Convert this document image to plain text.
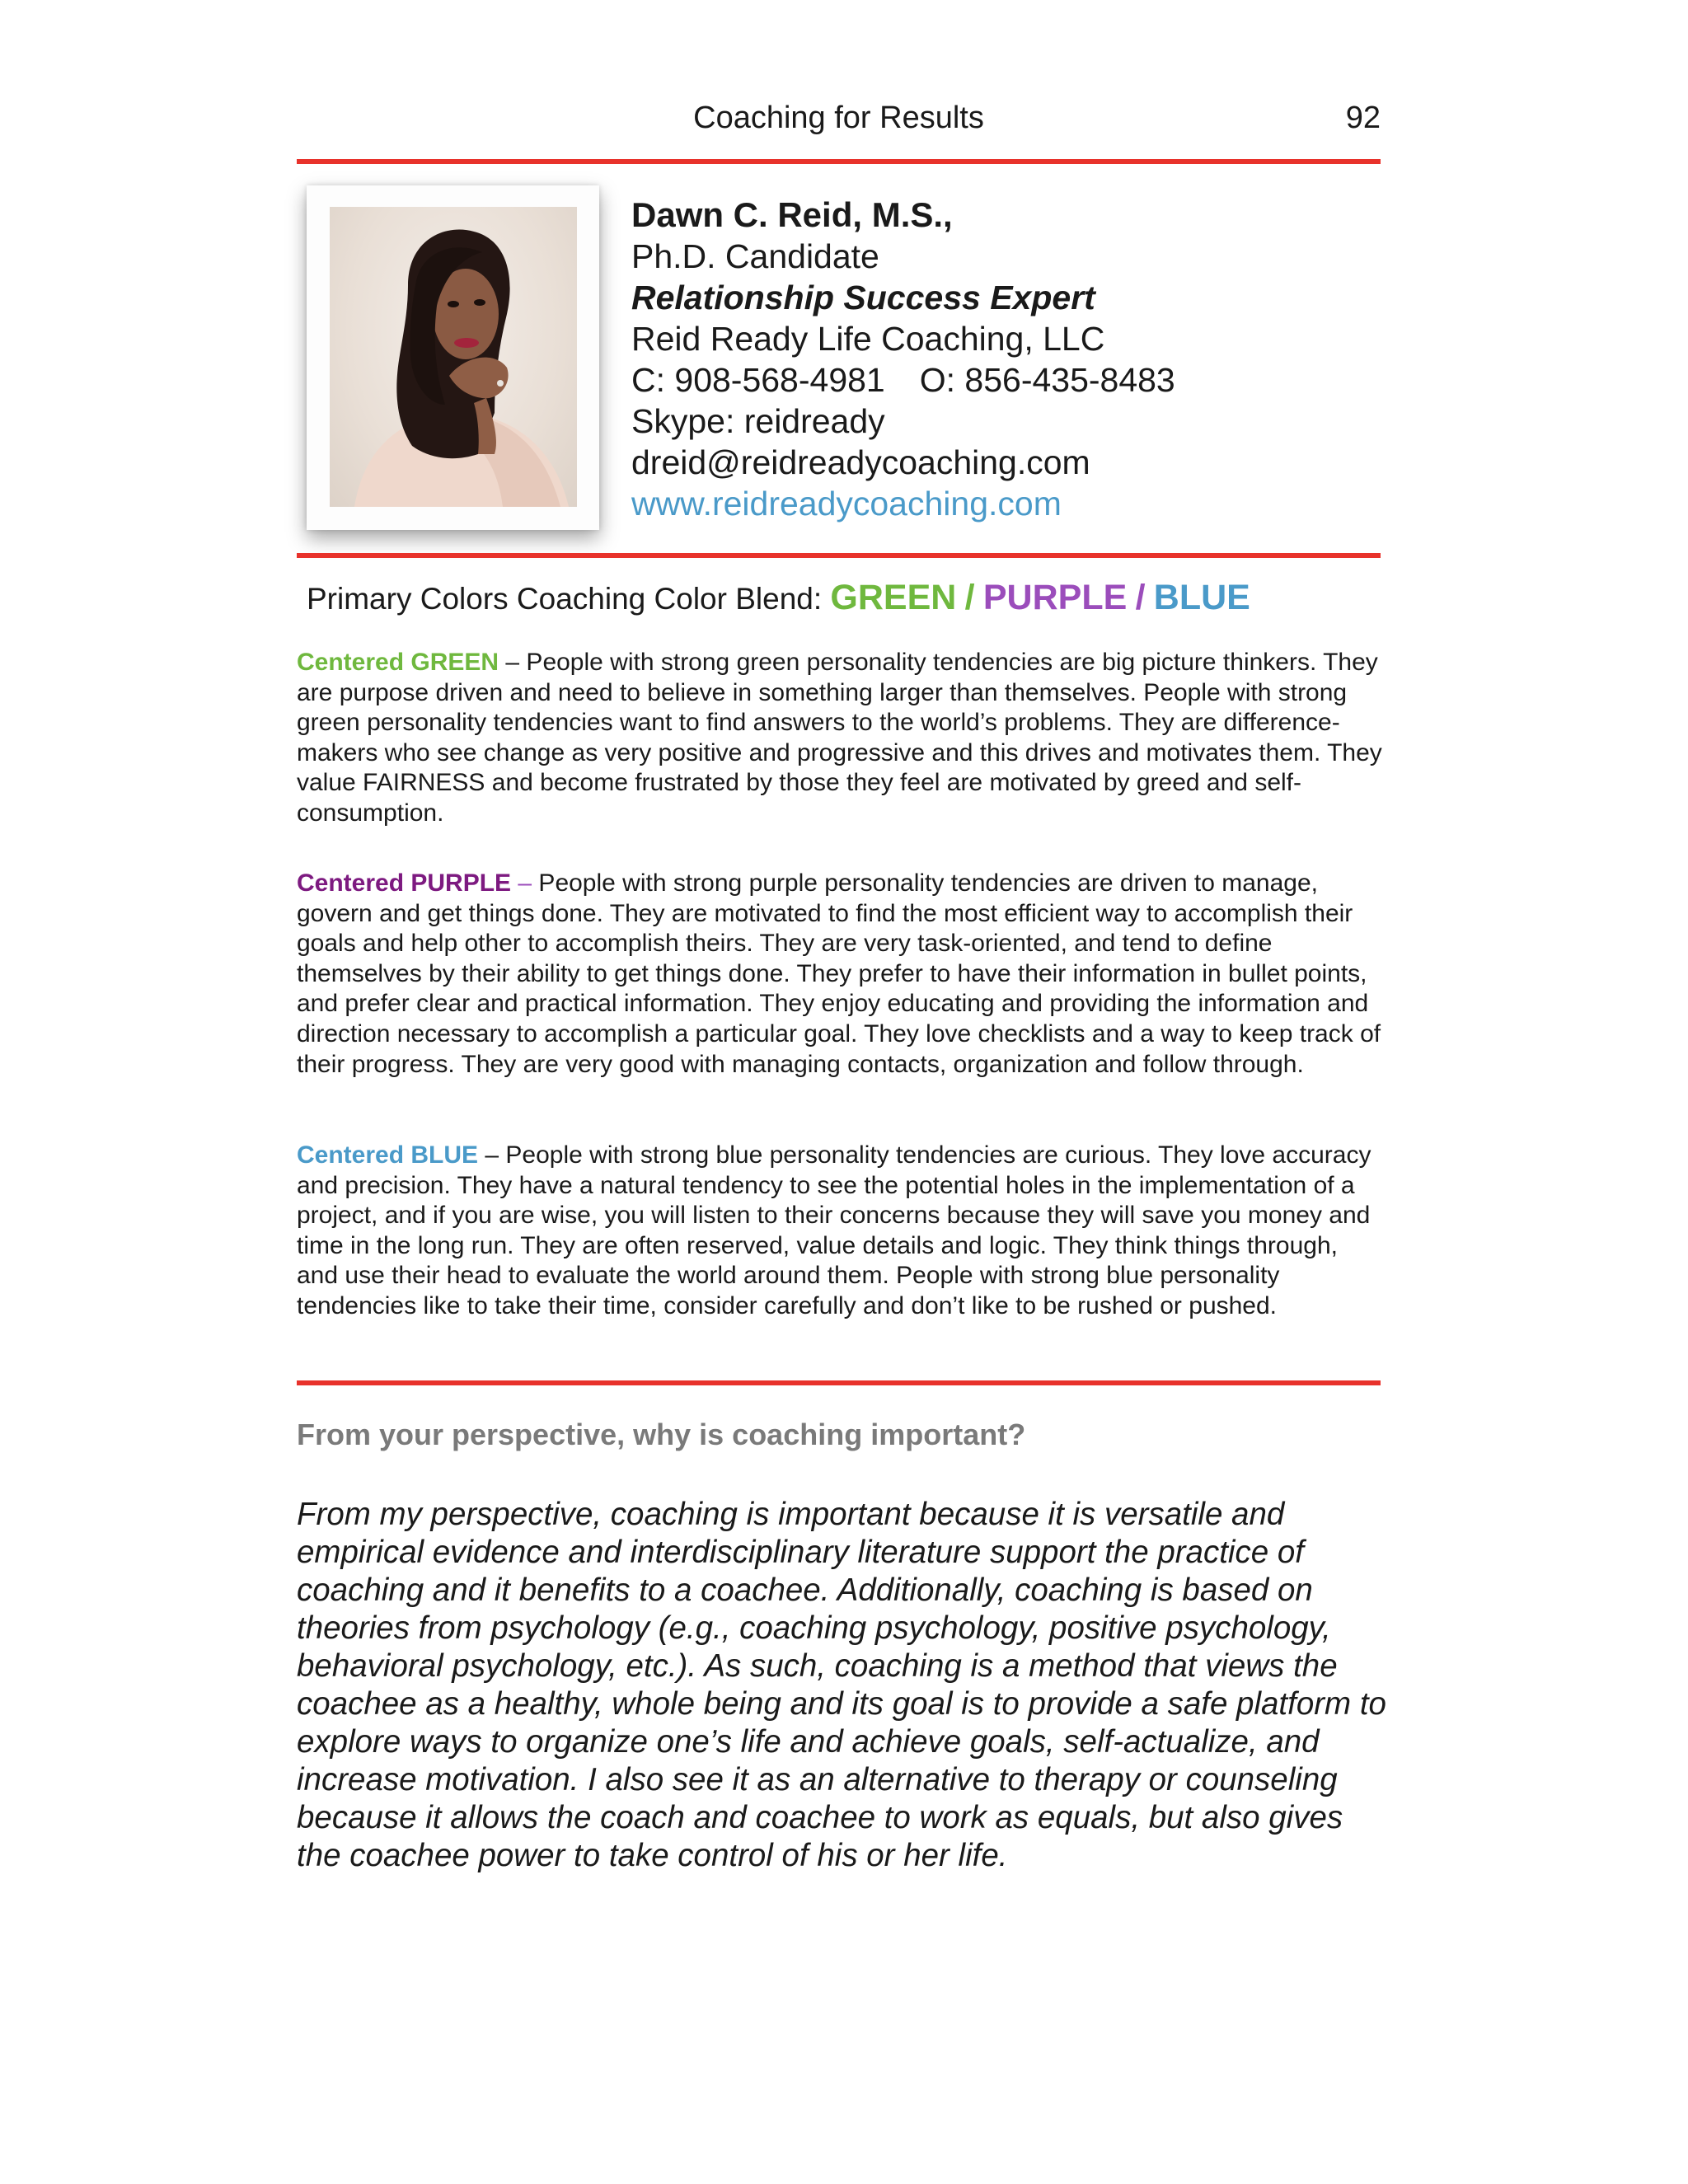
Coaching for Results	92
Dawn C. Reid, M.S.,
Ph.D. Candidate
Relationship Success Expert
Reid Ready Life Coaching, LLC
C: 908-568-4981 O: 856-435-8483
Skype: reidready
dreid@reidreadycoaching.com
www.reidreadycoaching.com
Primary Colors Coaching Color Blend: GREEN / PURPLE / BLUE

Centered GREEN – People with strong green personality tendencies are big picture thinkers. They are purpose driven and need to believe in something larger than themselves. People with strong green personality tendencies want to find answers to the world’s problems. They are difference-makers who see change as very positive and progressive and this drives and motivates them. They value FAIRNESS and become frustrated by those they feel are motivated by greed and self-consumption.

Centered PURPLE – People with strong purple personality tendencies are driven to manage, govern and get things done. They are motivated to find the most efficient way to accomplish their goals and help other to accomplish theirs. They are very task-oriented, and tend to define themselves by their ability to get things done. They prefer to have their information in bullet points, and prefer clear and practical information. They enjoy educating and providing the information and direction necessary to accomplish a particular goal. They love checklists and a way to keep track of their progress. They are very good with managing contacts, organization and follow through.

Centered BLUE – People with strong blue personality tendencies are curious. They love accuracy and precision. They have a natural tendency to see the potential holes in the implementation of a project, and if you are wise, you will listen to their concerns because they will save you money and time in the long run. They are often reserved, value details and logic. They think things through, and use their head to evaluate the world around them. People with strong blue personality tendencies like to take their time, consider carefully and don’t like to be rushed or pushed.

From your perspective, why is coaching important?

From my perspective, coaching is important because it is versatile and empirical evidence and interdisciplinary literature support the practice of coaching and it benefits to a coachee. Additionally, coaching is based on theories from psychology (e.g., coaching psychology, positive psychology, behavioral psychology, etc.). As such, coaching is a method that views the coachee as a healthy, whole being and its goal is to provide a safe platform to explore ways to organize one’s life and achieve goals, self-actualize, and increase motivation. I also see it as an alternative to therapy or counseling because it allows the coach and coachee to work as equals, but also gives the coachee power to take control of his or her life.
